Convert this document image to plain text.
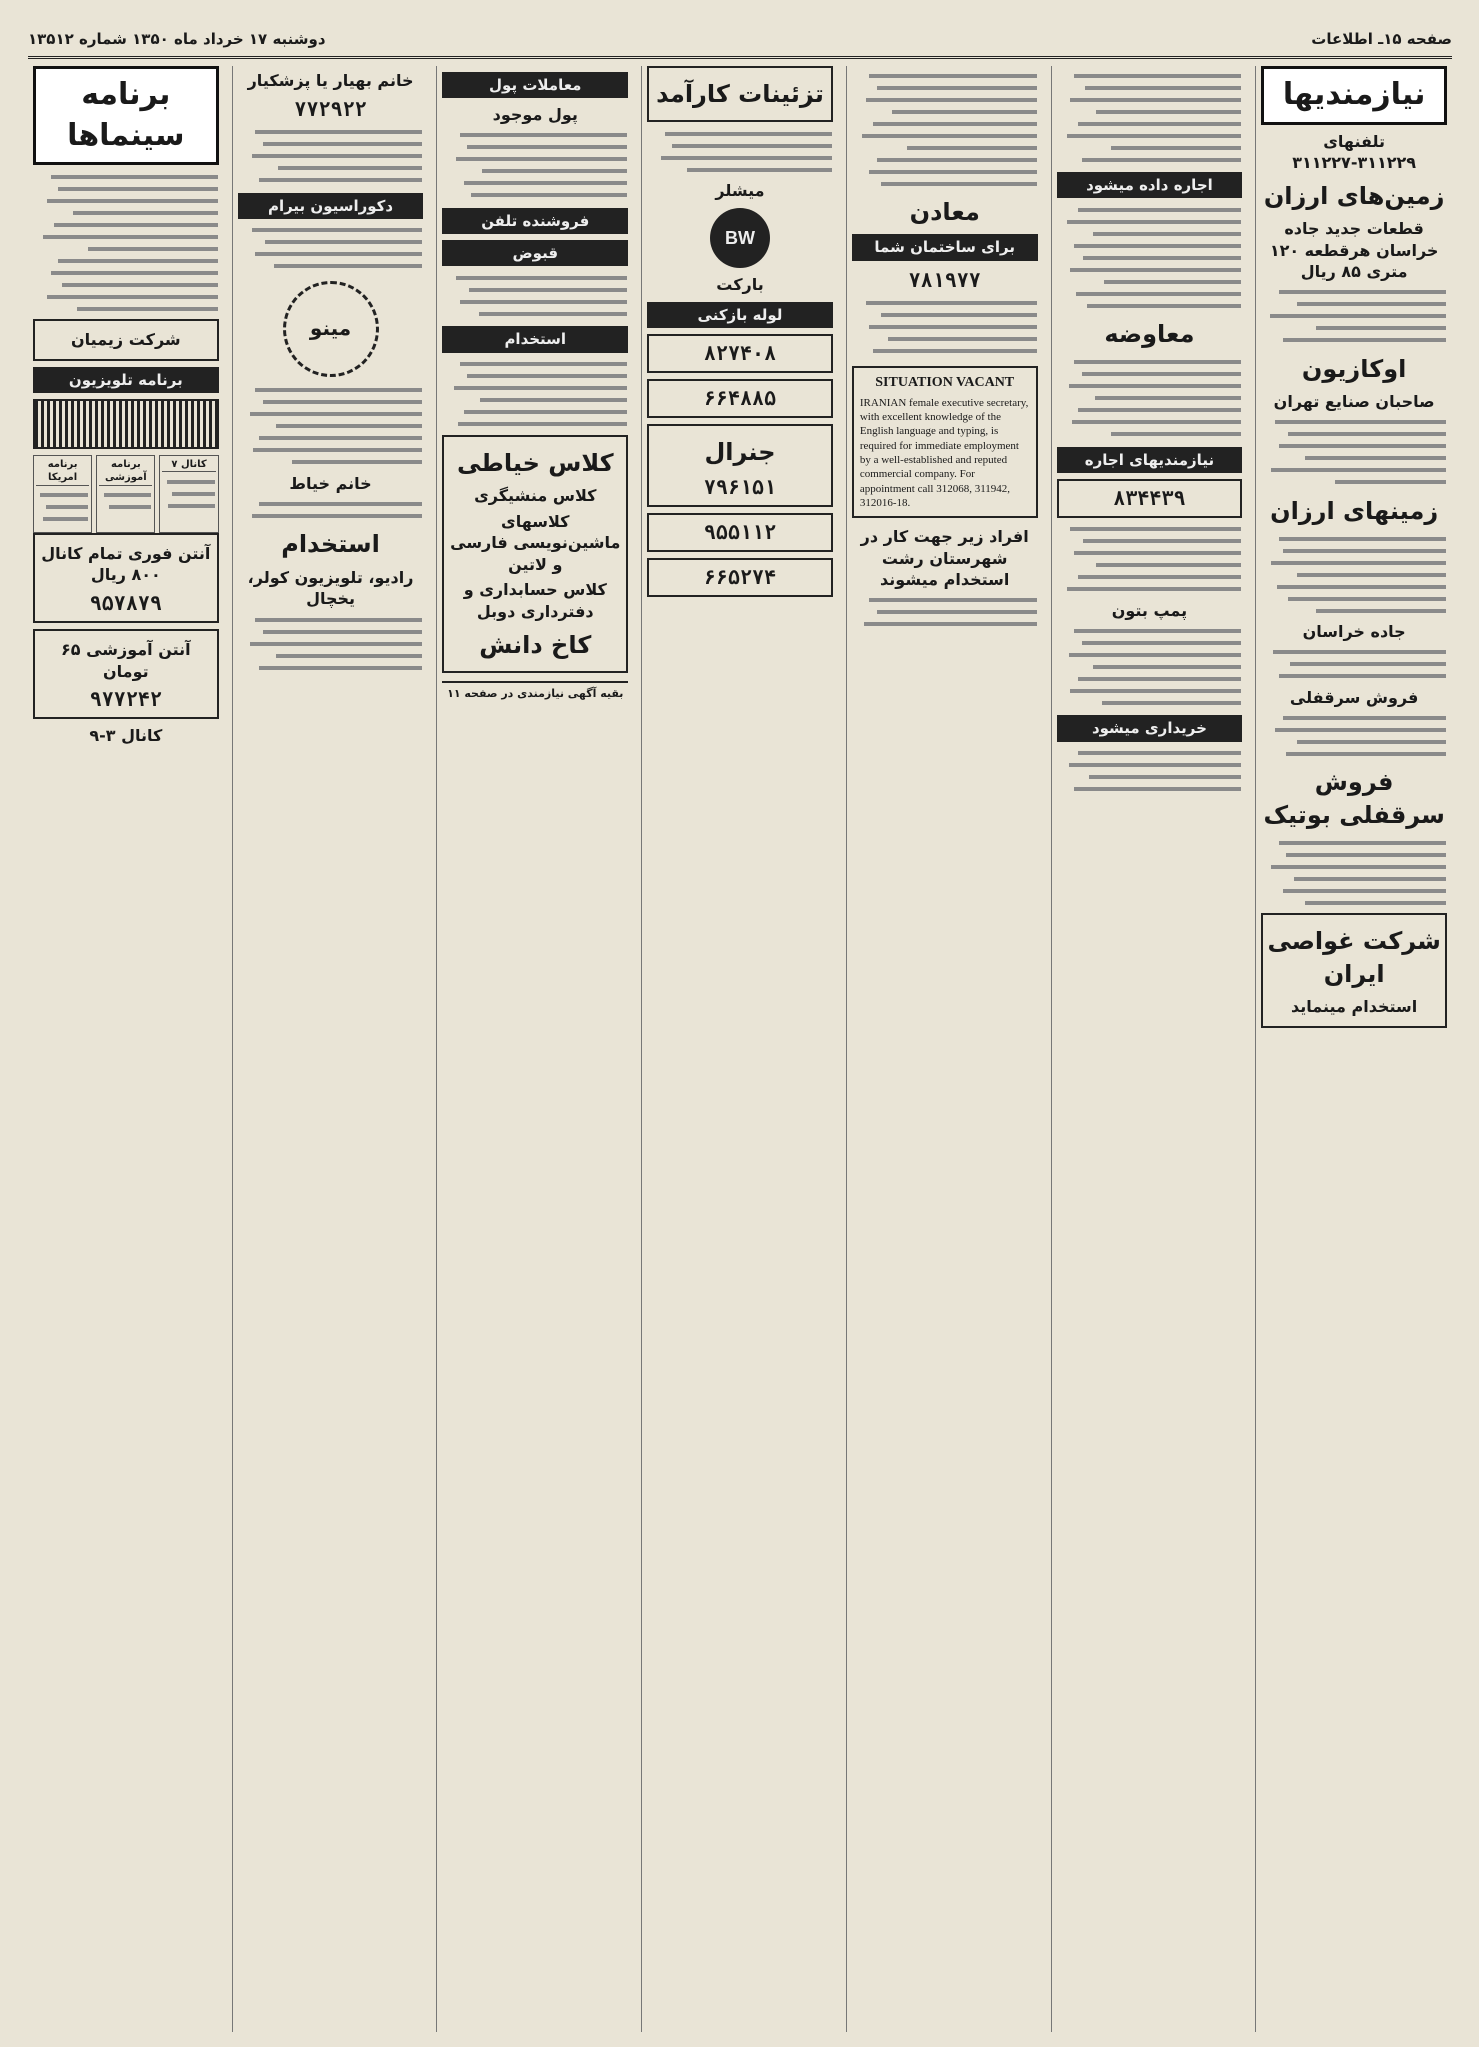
صفحه ۱۵ـ اطلاعات
دوشنبه ۱۷ خرداد ماه ۱۳۵۰ شماره ۱۳۵۱۲
نیازمندیها
تلفنهای ۳۱۱۲۲۹-۳۱۱۲۲۷
زمین‌های ارزان
قطعات جدید جاده خراسان هرقطعه ۱۲۰ متری ۸۵ ریال
اوکازیون
صاحبان صنایع تهران
زمینهای ارزان
جاده خراسان
فروش سرقفلی
فروش سرقفلی بوتیک
شرکت غواصی ایران
استخدام مینماید
اجاره داده میشود
معاوضه
نیازمندیهای اجاره
۸۳۴۴۳۹
پمپ بتون
خریداری میشود
معادن
برای ساختمان شما
۷۸۱۹۷۷
SITUATION VACANT
IRANIAN female executive secretary, with excellent knowledge of the English language and typing, is required for immediate employment by a well-established and reputed commercial company. For appointment call 312068, 311942, 312016-18.
افراد زیر جهت کار در شهرستان رشت استخدام میشوند
تزئینات کارآمد
میشلر
BW
بارکت
لوله بازکنی
۸۲۷۴۰۸
۶۶۴۸۸۵
جنرال
۷۹۶۱۵۱
۹۵۵۱۱۲
۶۶۵۲۷۴
معاملات پول
پول موجود
فروشنده تلفن
قبوض
استخدام
کلاس خیاطی
کلاس منشیگری
کلاسهای ماشین‌نویسی فارسی و لاتین
کلاس حسابداری و دفترداری دوبل
کاخ دانش
بقیه آگهی نیازمندی در صفحه ۱۱
خانم بهیار یا پزشکیار
۷۷۲۹۲۲
دکوراسیون بیرام
مینو
خانم خیاط
استخدام
رادیو، تلویزیون کولر، یخچال
برنامه سینماها
شرکت زیمیان
برنامه تلویزیون
کانال ۷
برنامه آموزشی
برنامه امریکا
آنتن فوری تمام کانال ۸۰۰ ریال
۹۵۷۸۷۹
آنتن آموزشی ۶۵ تومان
۹۷۷۲۴۲
کانال ۳-۹
